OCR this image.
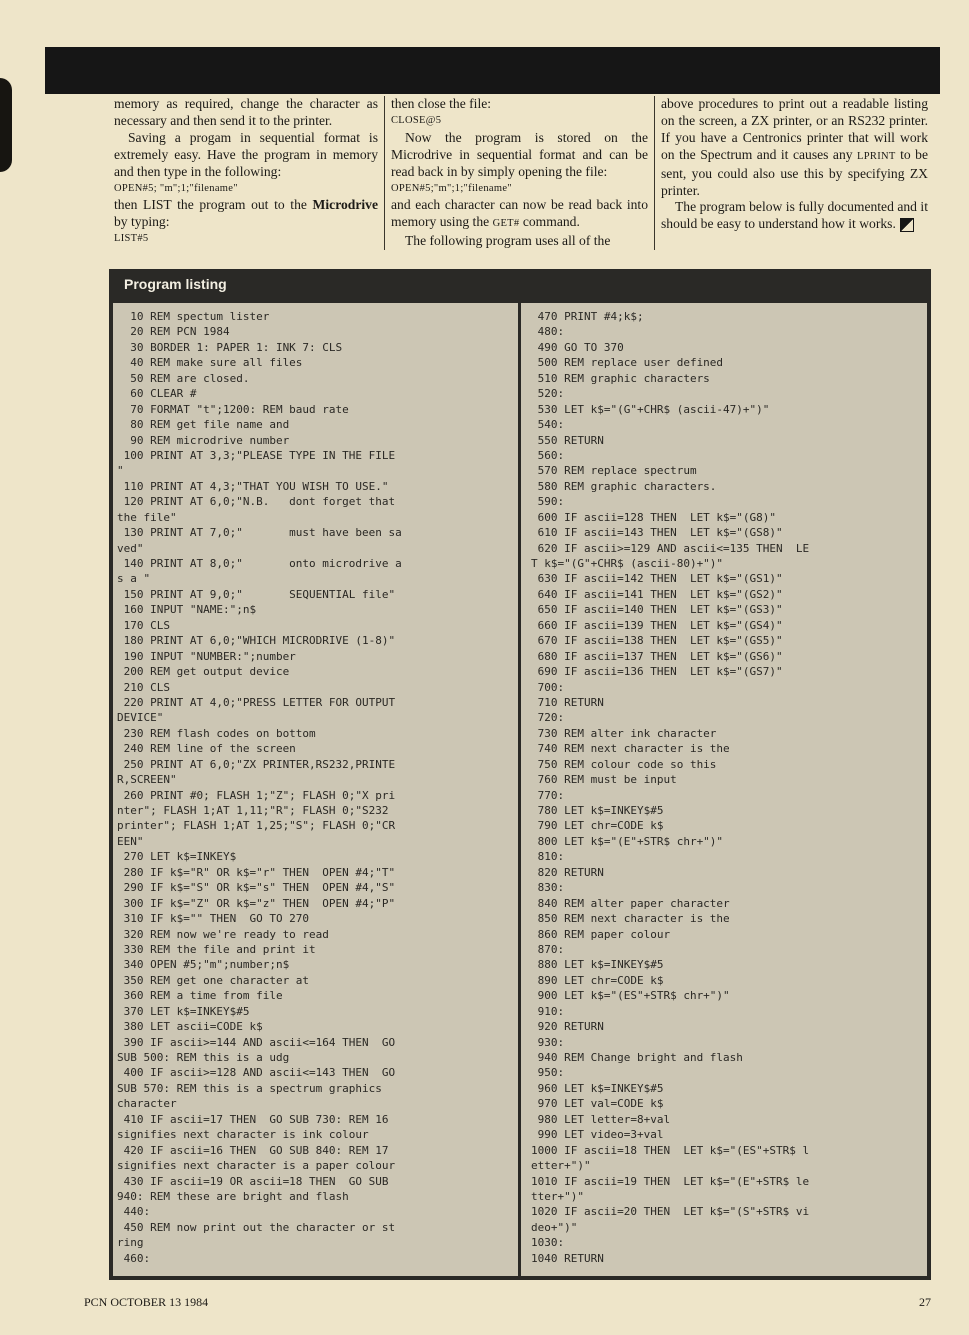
memory as required, change the character as necessary and then send it to the printer.

Saving a progam in sequential format is extremely easy. Have the program in memory and then type in the following:

OPEN#5; "m";1;"filename"
then LIST the program out to the Microdrive by typing:
LIST#5
then close the file:
CLOSE@5

Now the program is stored on the Microdrive in sequential format and can be read back in by simply opening the file:

OPEN#5;"m";1;"filename"

and each character can now be read back into memory using the GET# command.

The following program uses all of the

above procedures to print out a readable listing on the screen, a ZX printer, or an RS232 printer. If you have a Centronics printer that will work on the Spectrum and it causes any LPRINT to be sent, you could also use this by specifying ZX printer.

The program below is fully documented and it should be easy to understand how it works.

Program listing
10 REM spectum lister
20 REM PCN 1984
30 BORDER 1: PAPER 1: INK 7: CLS
40 REM make sure all files
50 REM are closed.
60 CLEAR #
70 FORMAT "t";1200: REM baud rate
80 REM get file name and
90 REM microdrive number
100 PRINT AT 3,3;"PLEASE TYPE IN THE FILE
"
110 PRINT AT 4,3;"THAT YOU WISH TO USE."
120 PRINT AT 6,0;"N.B.   dont forget that
the file"
130 PRINT AT 7,0;"       must have been sa
ved"
140 PRINT AT 8,0;"       onto microdrive a
s a "
150 PRINT AT 9,0;"       SEQUENTIAL file"
160 INPUT "NAME:";n$
170 CLS
180 PRINT AT 6,0;"WHICH MICRODRIVE (1-8)"
190 INPUT "NUMBER:";number
200 REM get output device
210 CLS
220 PRINT AT 4,0;"PRESS LETTER FOR OUTPUT
DEVICE"
230 REM flash codes on bottom
240 REM line of the screen
250 PRINT AT 6,0;"ZX PRINTER,RS232,PRINTE
R,SCREEN"
260 PRINT #0; FLASH 1;"Z"; FLASH 0;"X pri
nter"; FLASH 1;AT 1,11;"R"; FLASH 0;"S232
printer"; FLASH 1;AT 1,25;"S"; FLASH 0;"CR
EEN"
270 LET k$=INKEY$
280 IF k$="R" OR k$="r" THEN  OPEN #4;"T"
290 IF k$="S" OR k$="s" THEN  OPEN #4,"S"
300 IF k$="Z" OR k$="z" THEN  OPEN #4;"P"
310 IF k$="" THEN  GO TO 270
320 REM now we're ready to read
330 REM the file and print it
340 OPEN #5;"m";number;n$
350 REM get one character at
360 REM a time from file
370 LET k$=INKEY$#5
380 LET ascii=CODE k$
390 IF ascii>=144 AND ascii<=164 THEN  GO
SUB 500: REM this is a udg
400 IF ascii>=128 AND ascii<=143 THEN  GO
SUB 570: REM this is a spectrum graphics
character
410 IF ascii=17 THEN  GO SUB 730: REM 16
signifies next character is ink colour
420 IF ascii=16 THEN  GO SUB 840: REM 17
signifies next character is a paper colour
430 IF ascii=19 OR ascii=18 THEN  GO SUB
940: REM these are bright and flash
440:
450 REM now print out the character or st
ring
460:
470 PRINT #4;k$;
480:
490 GO TO 370
500 REM replace user defined
510 REM graphic characters
520:
530 LET k$="(G"+CHR$ (ascii-47)+")"
540:
550 RETURN
560:
570 REM replace spectrum
580 REM graphic characters.
590:
600 IF ascii=128 THEN  LET k$="(G8)"
610 IF ascii=143 THEN  LET k$="(GS8)"
620 IF ascii>=129 AND ascii<=135 THEN  LE
T k$="(G"+CHR$ (ascii-80)+")"
630 IF ascii=142 THEN  LET k$="(GS1)"
640 IF ascii=141 THEN  LET k$="(GS2)"
650 IF ascii=140 THEN  LET k$="(GS3)"
660 IF ascii=139 THEN  LET k$="(GS4)"
670 IF ascii=138 THEN  LET k$="(GS5)"
680 IF ascii=137 THEN  LET k$="(GS6)"
690 IF ascii=136 THEN  LET k$="(GS7)"
700:
710 RETURN
720:
730 REM alter ink character
740 REM next character is the
750 REM colour code so this
760 REM must be input
770:
780 LET k$=INKEY$#5
790 LET chr=CODE k$
800 LET k$="(E"+STR$ chr+")"
810:
820 RETURN
830:
840 REM alter paper character
850 REM next character is the
860 REM paper colour
870:
880 LET k$=INKEY$#5
890 LET chr=CODE k$
900 LET k$="(ES"+STR$ chr+")"
910:
920 RETURN
930:
940 REM Change bright and flash
950:
960 LET k$=INKEY$#5
970 LET val=CODE k$
980 LET letter=8+val
990 LET video=3+val
1000 IF ascii=18 THEN  LET k$="(ES"+STR$ l
etter+")"
1010 IF ascii=19 THEN  LET k$="(E"+STR$ le
tter+")"
1020 IF ascii=20 THEN  LET k$="(S"+STR$ vi
deo+")"
1030:
1040 RETURN
PCN OCTOBER 13 1984	27
